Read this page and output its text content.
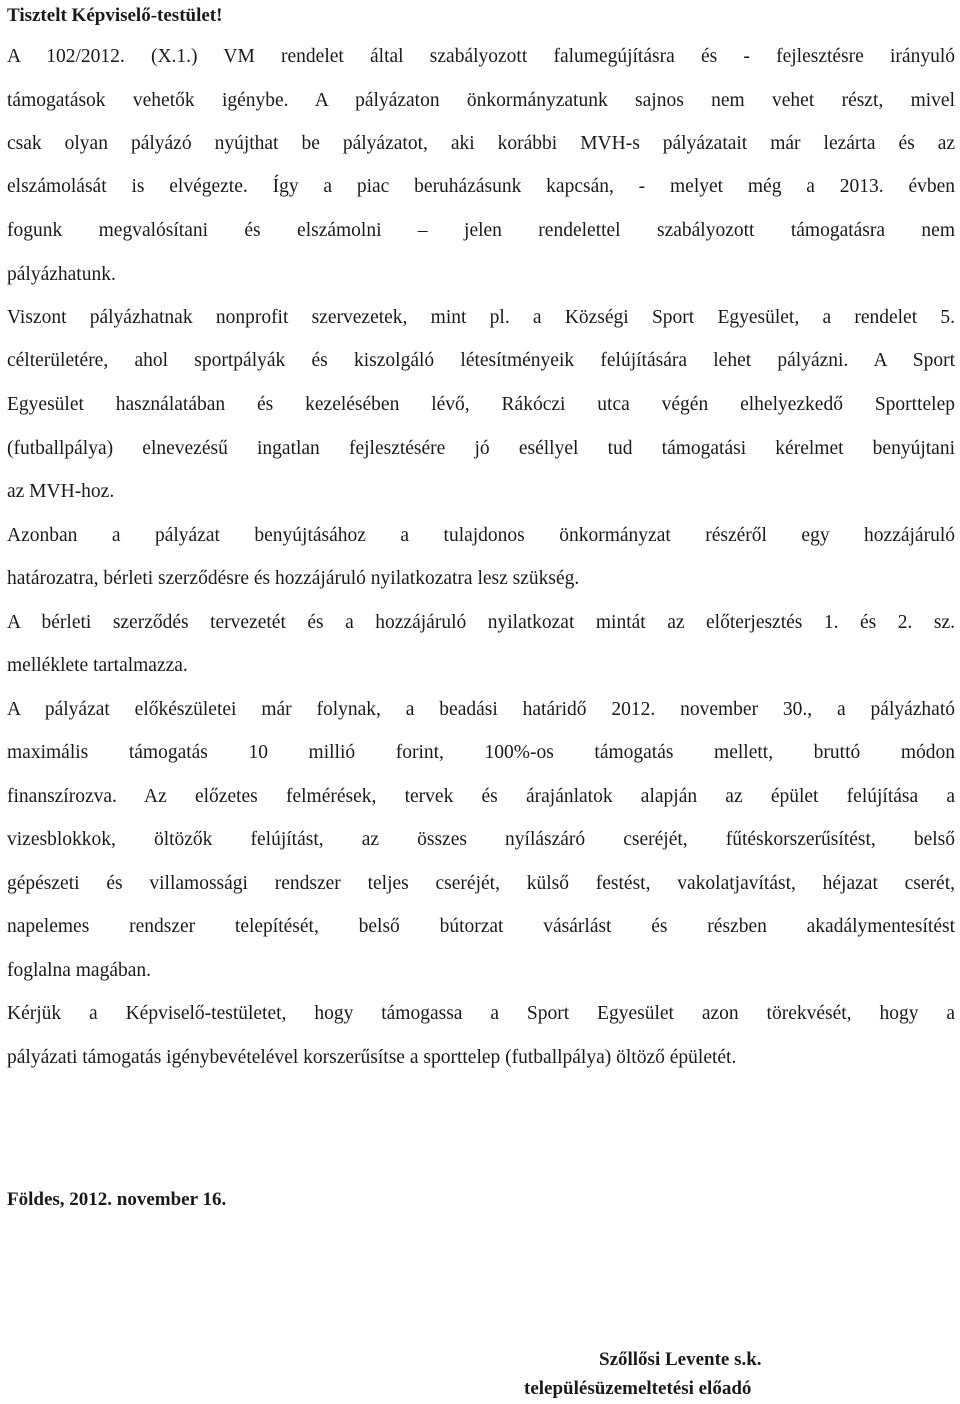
Tisztelt Képviselő-testület!
A 102/2012. (X.1.) VM rendelet által szabályozott falumegújításra és - fejlesztésre irányuló
támogatások vehetők igénybe. A pályázaton önkormányzatunk sajnos nem vehet részt, mivel
csak olyan pályázó nyújthat be pályázatot, aki korábbi MVH-s pályázatait már lezárta és az
elszámolását is elvégezte. Így a piac beruházásunk kapcsán, - melyet még a 2013. évben
fogunk megvalósítani és elszámolni – jelen rendelettel szabályozott támogatásra nem
pályázhatunk.
Viszont pályázhatnak nonprofit szervezetek, mint pl. a Községi Sport Egyesület, a rendelet 5.
célterületére, ahol sportpályák és kiszolgáló létesítményeik felújítására lehet pályázni. A Sport
Egyesület használatában és kezelésében lévő, Rákóczi utca végén elhelyezkedő Sporttelep
(futballpálya) elnevezésű ingatlan fejlesztésére jó eséllyel tud támogatási kérelmet benyújtani
az MVH-hoz.
Azonban a pályázat benyújtásához a tulajdonos önkormányzat részéről egy hozzájáruló
határozatra, bérleti szerződésre és hozzájáruló nyilatkozatra lesz szükség.
A bérleti szerződés tervezetét és a hozzájáruló nyilatkozat mintát az előterjesztés 1. és 2. sz.
melléklete tartalmazza.
A pályázat előkészületei már folynak, a beadási határidő 2012. november 30., a pályázható
maximális támogatás 10 millió forint, 100%-os támogatás mellett, bruttó módon
finanszírozva. Az előzetes felmérések, tervek és árajánlatok alapján az épület felújítása a
vizesblokkok, öltözők felújítást, az összes nyílászáró cseréjét, fűtéskorszerűsítést, belső
gépészeti és villamossági rendszer teljes cseréjét, külső festést, vakolatjavítást, héjazat cserét,
napelemes rendszer telepítését, belső bútorzat vásárlást és részben akadálymentesítést
foglalna magában.
Kérjük a Képviselő-testületet, hogy támogassa a Sport Egyesület azon törekvését, hogy a
pályázati támogatás igénybevételével korszerűsítse a sporttelep (futballpálya) öltöző épületét.
Földes, 2012. november 16.
Szőllősi Levente s.k.
településüzemeltetési előadó
